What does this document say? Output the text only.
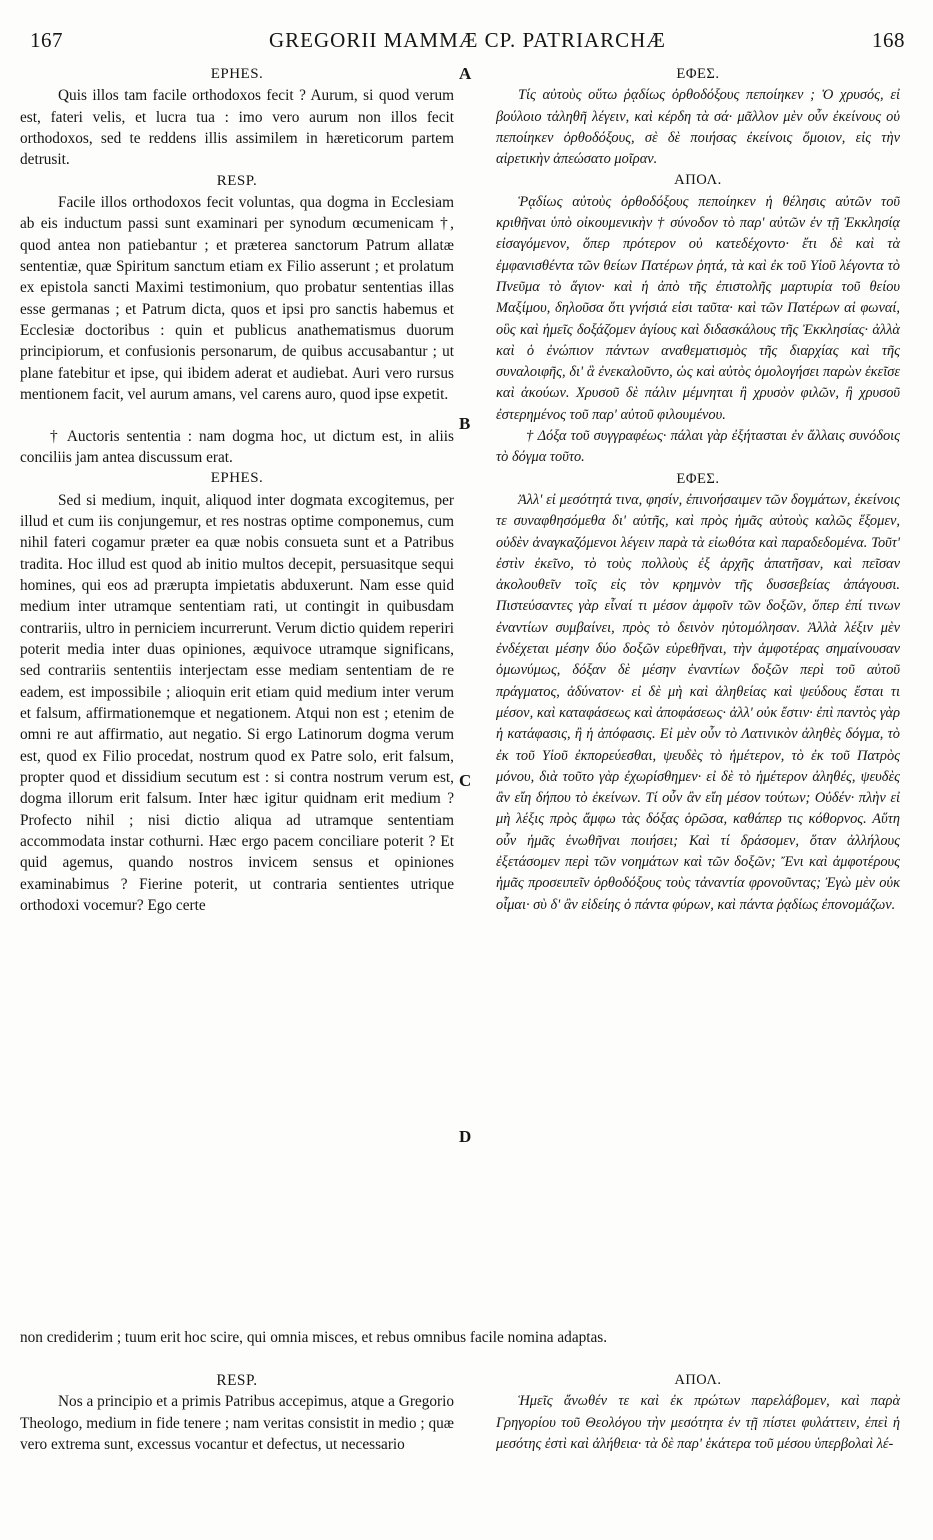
167	GREGORII MAMMÆ CP. PATRIARCHÆ	168
A
B
C
D
EPHES.

Quis illos tam facile orthodoxos fecit ? Aurum, si quod verum est, fateri velis, et lucra tua : imo vero aurum non illos fecit orthodoxos, sed te reddens illis assimilem in hæreticorum partem detrusit.

RESP.

Facile illos orthodoxos fecit voluntas, qua dogma in Ecclesiam ab eis inductum passi sunt examinari per synodum œcumenicam †, quod antea non patiebantur ; et præterea sanctorum Patrum allatæ sententiæ, quæ Spiritum sanctum etiam ex Filio asserunt ; et prolatum ex epistola sancti Maximi testimonium, quo probatur sententias illas esse germanas ; et Patrum dicta, quos et ipsi pro sanctis habemus et Ecclesiæ doctoribus : quin et publicus anathematismus duorum principiorum, et confusionis personarum, de quibus accusabantur ; ut plane fatebitur et ipse, qui ibidem aderat et audiebat. Auri vero rursus mentionem facit, vel aurum amans, vel carens auro, quod ipse expetit.

† Auctoris sententia : nam dogma hoc, ut dictum est, in aliis conciliis jam antea discussum erat.

EPHES.

Sed si medium, inquit, aliquod inter dogmata excogitemus, per illud et cum iis conjungemur, et res nostras optime componemus, cum nihil fateri cogamur præter ea quæ nobis consueta sunt et a Patribus tradita. Hoc illud est quod ab initio multos decepit, persuasitque sequi homines, qui eos ad prærupta impietatis abduxerunt. Nam esse quid medium inter utramque sententiam rati, ut contingit in quibusdam contrariis, ultro in perniciem incurrerunt. Verum dictio quidem reperiri poterit media inter duas opiniones, æquivoce utramque significans, sed contrariis sententiis interjectam esse mediam sententiam de re eadem, est impossibile ; alioquin erit etiam quid medium inter verum et falsum, affirmationemque et negationem. Atqui non est ; etenim de omni re aut affirmatio, aut negatio. Si ergo Latinorum dogma verum est, quod ex Filio procedat, nostrum quod ex Patre solo, erit falsum, propter quod et dissidium secutum est : si contra nostrum verum est, dogma illorum erit falsum. Inter hæc igitur quidnam erit medium ? Profecto nihil ; nisi dictio aliqua ad utramque sententiam accommodata instar cothurni. Hæc ergo pacem conciliare poterit ? Et quid agemus, quando nostros invicem sensus et opiniones examinabimus ? Fierine poterit, ut contraria sentientes utrique orthodoxi vocemur? Ego certe

ΕΦΕΣ.

Τίς αὐτοὺς οὕτω ῥᾳδίως ὀρθοδόξους πεποίηκεν ; Ὁ χρυσός, εἰ βούλοιο τἀληθῆ λέγειν, καὶ κέρδη τὰ σά· μᾶλλον μὲν οὖν ἐκείνους οὐ πεποίηκεν ὀρθοδόξους, σὲ δὲ ποιήσας ἐκείνοις ὅμοιον, εἰς τὴν αἱρετικὴν ἀπεώσατο μοῖραν.

ΑΠΟΛ.

Ῥᾳδίως αὐτοὺς ὀρθοδόξους πεποίηκεν ἡ θέλησις αὐτῶν τοῦ κριθῆναι ὑπὸ οἰκουμενικὴν † σύνοδον τὸ παρ' αὐτῶν ἐν τῇ Ἐκκλησίᾳ εἰσαγόμενον, ὅπερ πρότερον οὐ κατεδέχοντο· ἔτι δὲ καὶ τὰ ἐμφανισθέντα τῶν θείων Πατέρων ῥητά, τὰ καὶ ἐκ τοῦ Υἱοῦ λέγοντα τὸ Πνεῦμα τὸ ἅγιον· καὶ ἡ ἀπὸ τῆς ἐπιστολῆς μαρτυρία τοῦ θείου Μαξίμου, δηλοῦσα ὅτι γνήσιά εἰσι ταῦτα· καὶ τῶν Πατέρων αἱ φωναί, οὓς καὶ ἡμεῖς δοξάζομεν ἁγίους καὶ διδασκάλους τῆς Ἐκκλησίας· ἀλλὰ καὶ ὁ ἐνώπιον πάντων αναθεματισμὸς τῆς διαρχίας καὶ τῆς συναλοιφῆς, δι' ἃ ἐνεκαλοῦντο, ὡς καὶ αὐτὸς ὁμολογήσει παρὼν ἐκεῖσε καὶ ἀκούων. Χρυσοῦ δὲ πάλιν μέμνηται ἢ χρυσὸν φιλῶν, ἢ χρυσοῦ ἐστερημένος τοῦ παρ' αὐτοῦ φιλουμένου.

† Δόξα τοῦ συγγραφέως· πάλαι γὰρ ἐξήτασται ἐν ἄλλαις συνόδοις τὸ δόγμα τοῦτο.

ΕΦΕΣ.

Ἀλλ' εἰ μεσότητά τινα, φησίν, ἐπινοήσαιμεν τῶν δογμάτων, ἐκείνοις τε συναφθησόμεθα δι' αὐτῆς, καὶ πρὸς ἡμᾶς αὐτοὺς καλῶς ἕξομεν, οὐδὲν ἀναγκαζόμενοι λέγειν παρὰ τὰ εἰωθότα καὶ παραδεδομένα. Τοῦτ' ἐστὶν ἐκεῖνο, τὸ τοὺς πολλοὺς ἐξ ἀρχῆς ἀπατῆσαν, καὶ πεῖσαν ἀκολουθεῖν τοῖς εἰς τὸν κρημνὸν τῆς δυσσεβείας ἀπάγουσι. Πιστεύσαντες γὰρ εἶναί τι μέσον ἀμφοῖν τῶν δοξῶν, ὅπερ ἐπί τινων ἐναντίων συμβαίνει, πρὸς τὸ δεινὸν ηὐτομόλησαν. Ἀλλὰ λέξιν μὲν ἐνδέχεται μέσην δύο δοξῶν εὑρεθῆναι, τὴν ἀμφοτέρας σημαίνουσαν ὁμωνύμως, δόξαν δὲ μέσην ἐναντίων δοξῶν περὶ τοῦ αὐτοῦ πράγματος, ἀδύνατον· εἰ δὲ μὴ καὶ ἀληθείας καὶ ψεύδους ἔσται τι μέσον, καὶ καταφάσεως καὶ ἀποφάσεως· ἀλλ' οὐκ ἔστιν· ἐπὶ παντὸς γὰρ ἡ κατάφασις, ἢ ἡ ἀπόφασις. Εἰ μὲν οὖν τὸ Λατινικὸν ἀληθὲς δόγμα, τὸ ἐκ τοῦ Υἱοῦ ἐκπορεύεσθαι, ψευδὲς τὸ ἡμέτερον, τὸ ἐκ τοῦ Πατρὸς μόνου, διὰ τοῦτο γὰρ ἐχωρίσθημεν· εἰ δὲ τὸ ἡμέτερον ἀληθές, ψευδὲς ἂν εἴη δήπου τὸ ἐκείνων. Τί οὖν ἂν εἴη μέσον τούτων; Οὐδέν· πλὴν εἰ μὴ λέξις πρὸς ἄμφω τὰς δόξας ὁρῶσα, καθάπερ τις κόθορνος. Αὕτη οὖν ἡμᾶς ἑνωθῆναι ποιήσει; Καὶ τί δράσομεν, ὅταν ἀλλήλους ἐξετάσομεν περὶ τῶν νοημάτων καὶ τῶν δοξῶν; Ἔνι καὶ ἀμφοτέρους ἡμᾶς προσειπεῖν ὀρθοδόξους τοὺς τἀναντία φρονοῦντας; Ἐγὼ μὲν οὐκ οἶμαι· σὺ δ' ἂν εἰδείης ὁ πάντα φύρων, καὶ πάντα ῥᾳδίως ἐπονομάζων.

non crediderim ; tuum erit hoc scire, qui omnia misces, et rebus omnibus facile nomina adaptas.
RESP.

Nos a principio et a primis Patribus accepimus, atque a Gregorio Theologo, medium in fide tenere ; nam veritas consistit in medio ; quæ vero extrema sunt, excessus vocantur et defectus, ut necessario

ΑΠΟΛ.

Ἡμεῖς ἄνωθέν τε καὶ ἐκ πρώτων παρελάβομεν, καὶ παρὰ Γρηγορίου τοῦ Θεολόγου τὴν μεσότητα ἐν τῇ πίστει φυλάττειν, ἐπεὶ ἡ μεσότης ἐστὶ καὶ ἀλήθεια· τὰ δὲ παρ' ἑκάτερα τοῦ μέσου ὑπερβολαὶ λέ-
